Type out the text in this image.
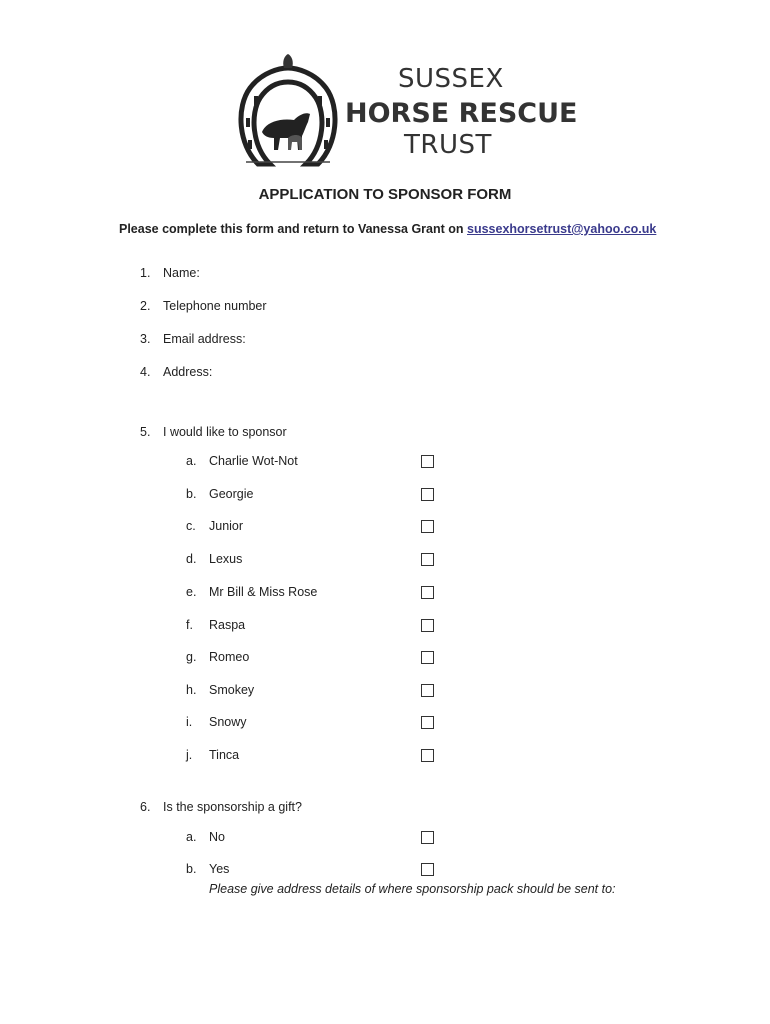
SUSSEX
HORSE RESCUE
TRUST
APPLICATION TO SPONSOR FORM
Please complete this form and return to Vanessa Grant on sussexhorsetrust@yahoo.co.uk
1.	Name:
2.	Telephone number
3.	Email address:
4.	Address:
5.	I would like to sponsor
a.	Charlie Wot-Not
b.	Georgie
c.	Junior
d.	Lexus
e.	Mr Bill & Miss Rose
f.	Raspa
g.	Romeo
h.	Smokey
i.	Snowy
j.	Tinca
6.	Is the sponsorship a gift?
a.	No
b.	Yes
Please give address details of where sponsorship pack should be sent to:
